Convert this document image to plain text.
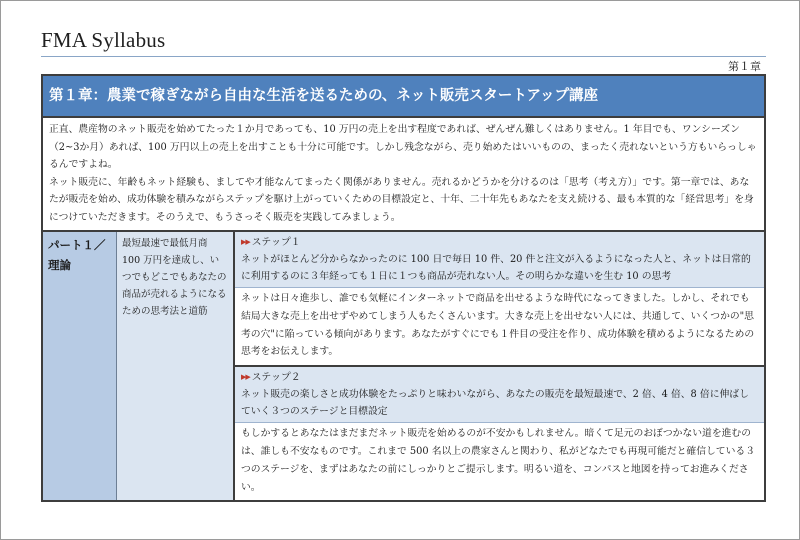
FMA Syllabus
第１章
第１章：農業で稼ぎながら自由な生活を送るための、ネット販売スタートアップ講座

正直、農産物のネット販売を始めてたった１か月であっても、10 万円の売上を出す程度であれば、ぜんぜん難しくはありません。1 年目でも、ワンシーズン（2~3か月）あれば、100 万円以上の売上を出すことも十分に可能です。しかし残念ながら、売り始めたはいいものの、まったく売れないという方もいらっしゃるんですよね。

ネット販売に、年齢もネット経験も、ましてや才能なんてまったく関係がありません。売れるかどうかを分けるのは「思考（考え方）」です。第一章では、あなたが販売を始め、成功体験を積みながらステップを駆け上がっていくための目標設定と、十年、二十年先もあなたを支え続ける、最も本質的な「経営思考」を身につけていただきます。そのうえで、もうさっそく販売を実践してみましょう。

パート１／理論
最短最速で最低月商 100 万円を達成し、いつでもどこでもあなたの商品が売れるようになるための思考法と道筋
▶▶ ステップ１
ネットがほとんど分からなかったのに 100 日で毎日 10 件、20 件と注文が入るようになった人と、ネットは日常的に利用するのに３年経っても１日に１つも商品が売れない人。その明らかな違いを生む 10 の思考
ネットは日々進歩し、誰でも気軽にインターネットで商品を出せるような時代になってきました。しかし、それでも結局大きな売上を出せずやめてしまう人もたくさんいます。大きな売上を出せない人には、共通して、いくつかの"思考の穴"に陥っている傾向があります。あなたがすぐにでも１件目の受注を作り、成功体験を積めるようになるための思考をお伝えします。
▶▶ ステップ２
ネット販売の楽しさと成功体験をたっぷりと味わいながら、あなたの販売を最短最速で、2 倍、4 倍、8 倍に伸ばしていく３つのステージと目標設定
もしかするとあなたはまだまだネット販売を始めるのが不安かもしれません。暗くて足元のおぼつかない道を進むのは、誰しも不安なものです。これまで 500 名以上の農家さんと関わり、私がどなたでも再現可能だと確信している３つのステージを、まずはあなたの前にしっかりとご提示します。明るい道を、コンパスと地図を持ってお進みください。
